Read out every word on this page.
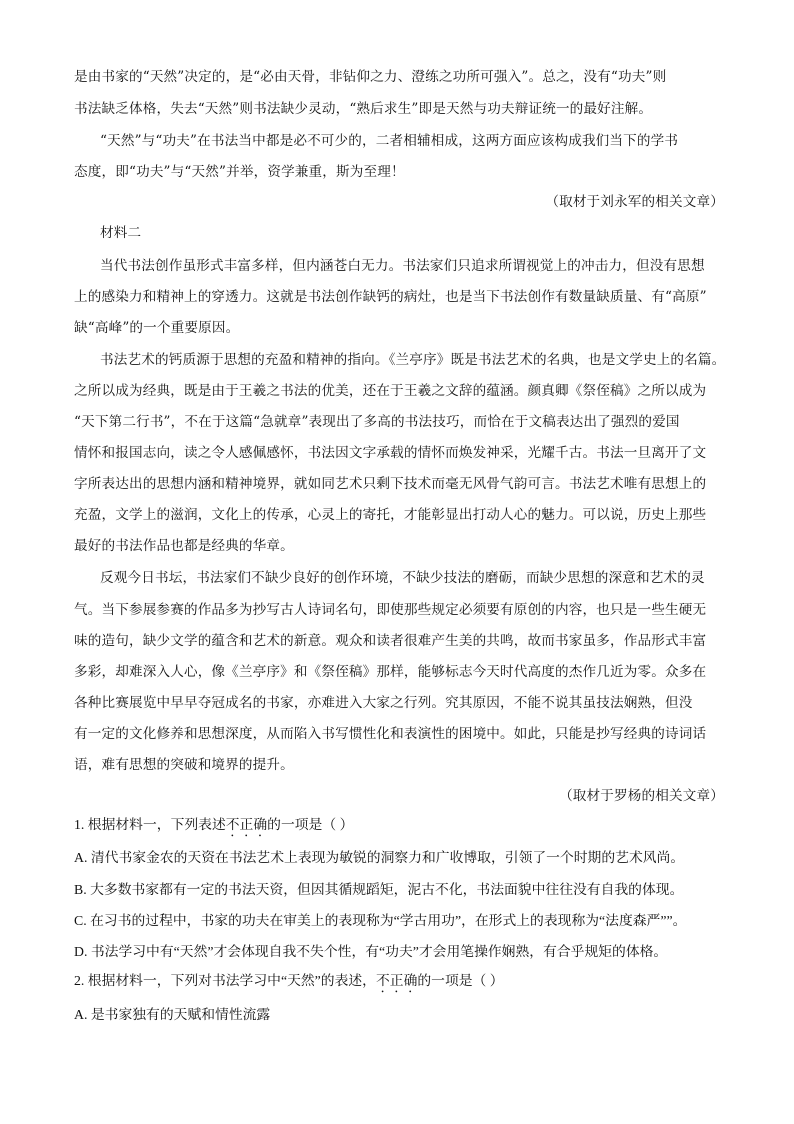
是由书家的“天然”决定的，是“必由天骨，非钻仰之力、澄练之功所可强入”。总之，没有“功夫”则
书法缺乏体格，失去“天然”则书法缺少灵动，“熟后求生”即是天然与功夫辩证统一的最好注解。
“天然”与“功夫”在书法当中都是必不可少的，二者相辅相成，这两方面应该构成我们当下的学书
态度，即“功夫”与“天然”并举，资学兼重，斯为至理！
（取材于刘永军的相关文章）
材料二
当代书法创作虽形式丰富多样，但内涵苍白无力。书法家们只追求所谓视觉上的冲击力，但没有思想
上的感染力和精神上的穿透力。这就是书法创作缺钙的病灶，也是当下书法创作有数量缺质量、有“高原”
缺“高峰”的一个重要原因。
书法艺术的钙质源于思想的充盈和精神的指向。《兰亭序》既是书法艺术的名典，也是文学史上的名篇。
之所以成为经典，既是由于王羲之书法的优美，还在于王羲之文辞的蕴涵。颜真卿《祭侄稿》之所以成为
“天下第二行书”，不在于这篇“急就章”表现出了多高的书法技巧，而恰在于文稿表达出了强烈的爱国
情怀和报国志向，读之令人感佩感怀，书法因文字承载的情怀而焕发神采，光耀千古。书法一旦离开了文
字所表达出的思想内涵和精神境界，就如同艺术只剩下技术而毫无风骨气韵可言。书法艺术唯有思想上的
充盈，文学上的滋润，文化上的传承，心灵上的寄托，才能彰显出打动人心的魅力。可以说，历史上那些
最好的书法作品也都是经典的华章。
反观今日书坛，书法家们不缺少良好的创作环境，不缺少技法的磨砺，而缺少思想的深意和艺术的灵
气。当下参展参赛的作品多为抄写古人诗词名句，即使那些规定必须要有原创的内容，也只是一些生硬无
味的造句，缺少文学的蕴含和艺术的新意。观众和读者很难产生美的共鸣，故而书家虽多，作品形式丰富
多彩，却难深入人心，像《兰亭序》和《祭侄稿》那样，能够标志今天时代高度的杰作几近为零。众多在
各种比赛展览中早早夺冠成名的书家，亦难进入大家之行列。究其原因，不能不说其虽技法娴熟，但没
有一定的文化修养和思想深度，从而陷入书写惯性化和表演性的困境中。如此，只能是抄写经典的诗词话
语，难有思想的突破和境界的提升。
（取材于罗杨的相关文章）
1. 根据材料一，下列表述不正确的一项是（ ）
A. 清代书家金农的天资在书法艺术上表现为敏锐的洞察力和广收博取，引领了一个时期的艺术风尚。
B. 大多数书家都有一定的书法天资，但因其循规蹈矩，泥古不化，书法面貌中往往没有自我的体现。
C. 在习书的过程中，书家的功夫在审美上的表现称为“学古用功”，在形式上的表现称为“法度森严””。
D. 书法学习中有“天然”才会体现自我不失个性，有“功夫”才会用笔操作娴熟，有合乎规矩的体格。
2. 根据材料一，下列对书法学习中“天然”的表述，不正确的一项是（ ）
A. 是书家独有的天赋和情性流露
